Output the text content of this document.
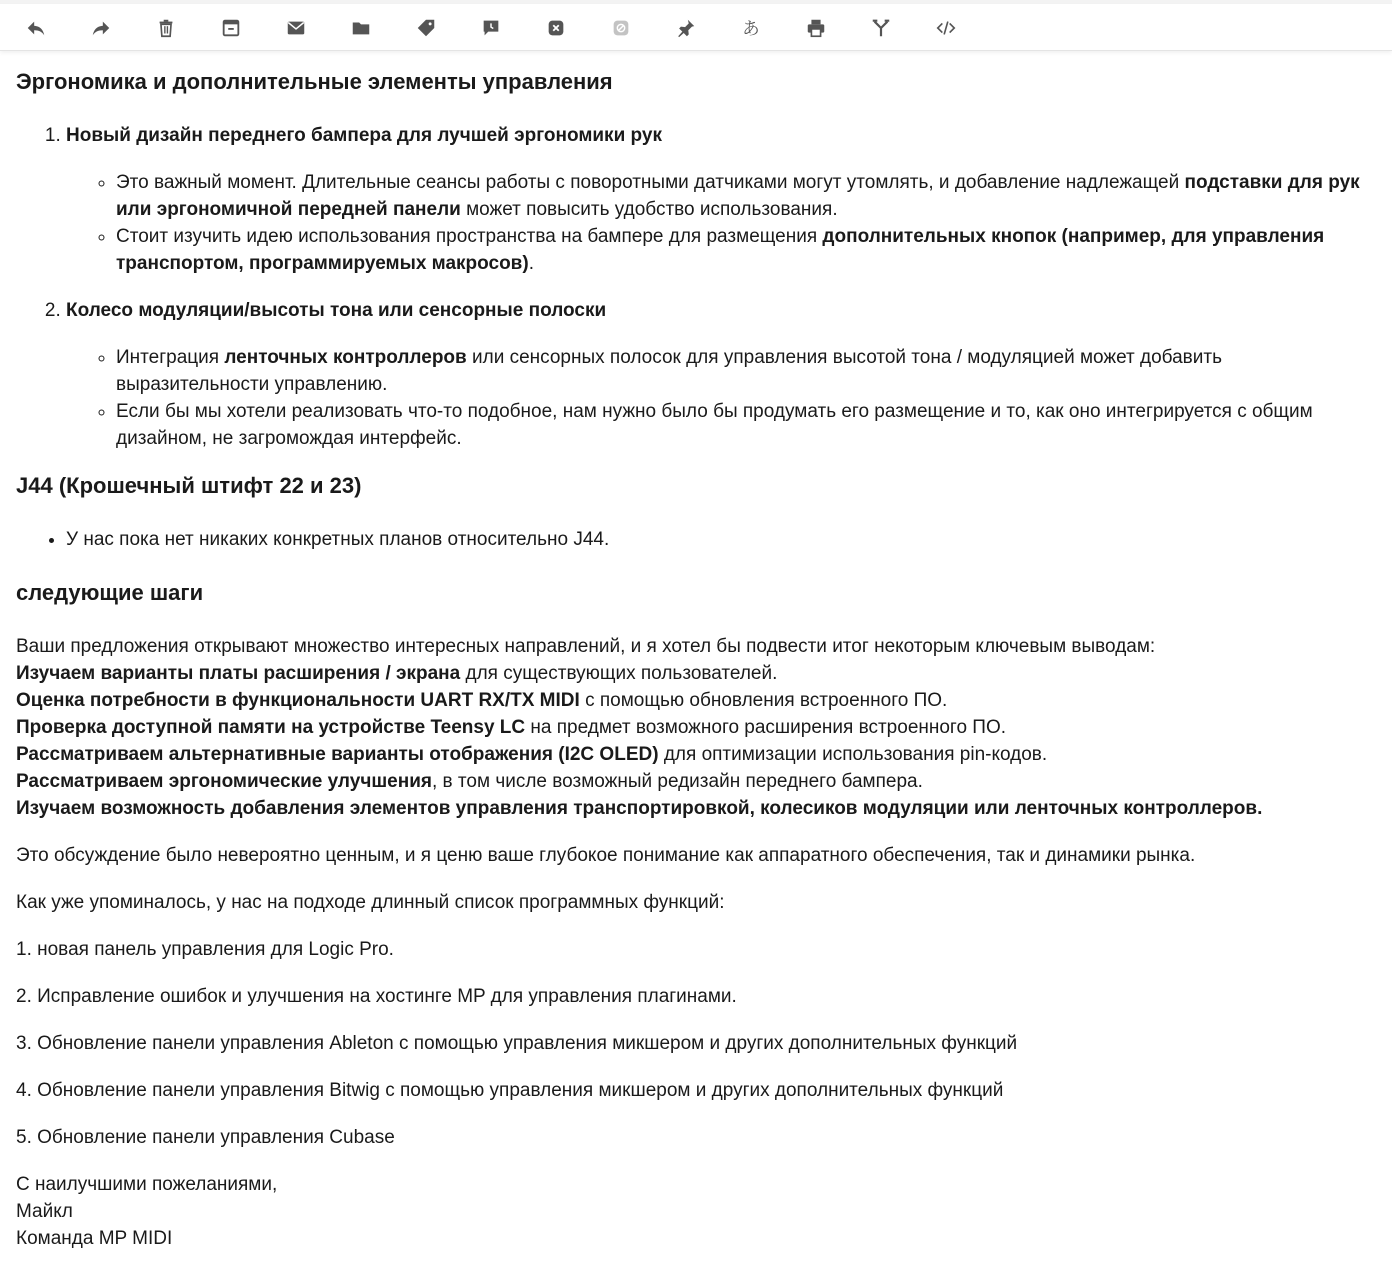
あ
Эргономика и дополнительные элементы управления
1. Новый дизайн переднего бампера для лучшей эргономики рук
◦ Это важный момент. Длительные сеансы работы с поворотными датчиками могут утомлять, и добавление надлежащей подставки для рук или эргономичной передней панели может повысить удобство использования.
◦ Стоит изучить идею использования пространства на бампере для размещения дополнительных кнопок (например, для управления транспортом, программируемых макросов).
2. Колесо модуляции/высоты тона или сенсорные полоски
◦ Интеграция ленточных контроллеров или сенсорных полосок для управления высотой тона / модуляцией может добавить выразительности управлению.
◦ Если бы мы хотели реализовать что-то подобное, нам нужно было бы продумать его размещение и то, как оно интегрируется с общим дизайном, не загромождая интерфейс.
J44 (Крошечный штифт 22 и 23)
• У нас пока нет никаких конкретных планов относительно J44.
следующие шаги
Ваши предложения открывают множество интересных направлений, и я хотел бы подвести итог некоторым ключевым выводам:
Изучаем варианты платы расширения / экрана для существующих пользователей.
Оценка потребности в функциональности UART RX/TX MIDI с помощью обновления встроенного ПО.
Проверка доступной памяти на устройстве Teensy LC на предмет возможного расширения встроенного ПО.
Рассматриваем альтернативные варианты отображения (I2C OLED) для оптимизации использования pin-кодов.
Рассматриваем эргономические улучшения, в том числе возможный редизайн переднего бампера.
Изучаем возможность добавления элементов управления транспортировкой, колесиков модуляции или ленточных контроллеров.

Это обсуждение было невероятно ценным, и я ценю ваше глубокое понимание как аппаратного обеспечения, так и динамики рынка.

Как уже упоминалось, у нас на подходе длинный список программных функций:

1. новая панель управления для Logic Pro.

2. Исправление ошибок и улучшения на хостинге MP для управления плагинами.

3. Обновление панели управления Ableton с помощью управления микшером и других дополнительных функций

4. Обновление панели управления Bitwig с помощью управления микшером и других дополнительных функций

5. Обновление панели управления Cubase

С наилучшими пожеланиями,
Майкл
Команда MP MIDI
